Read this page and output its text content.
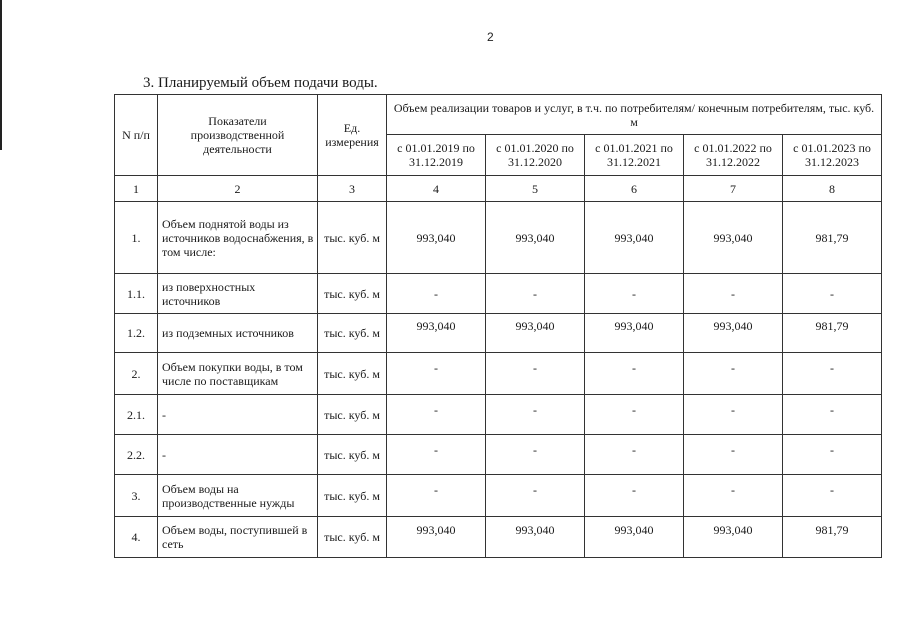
2
3. Планируемый объем подачи воды.
N п/п	Показатели производственной деятельности	Ед. измерения	Объем реализации товаров и услуг, в т.ч. по потребителям/ конечным потребителям, тыс. куб. м				
			с 01.01.2019 по 31.12.2019	с 01.01.2020 по 31.12.2020	с 01.01.2021 по 31.12.2021	с 01.01.2022 по 31.12.2022	с 01.01.2023 по 31.12.2023
1	2	3	4	5	6	7	8
1.	Объем поднятой воды из источников водоснабжения, в том числе:	тыс. куб. м	993,040	993,040	993,040	993,040	981,79
1.1.	из поверхностных источников	тыс. куб. м	-	-	-	-	-
1.2.	из подземных источников	тыс. куб. м	993,040	993,040	993,040	993,040	981,79
2.	Объем покупки воды, в том числе по поставщикам	тыс. куб. м	-	-	-	-	-
2.1.	-	тыс. куб. м	-	-	-	-	-
2.2.	-	тыс. куб. м	-	-	-	-	-
3.	Объем воды на производственные нужды	тыс. куб. м	-	-	-	-	-
4.	Объем воды, поступившей в сеть	тыс. куб. м	993,040	993,040	993,040	993,040	981,79
